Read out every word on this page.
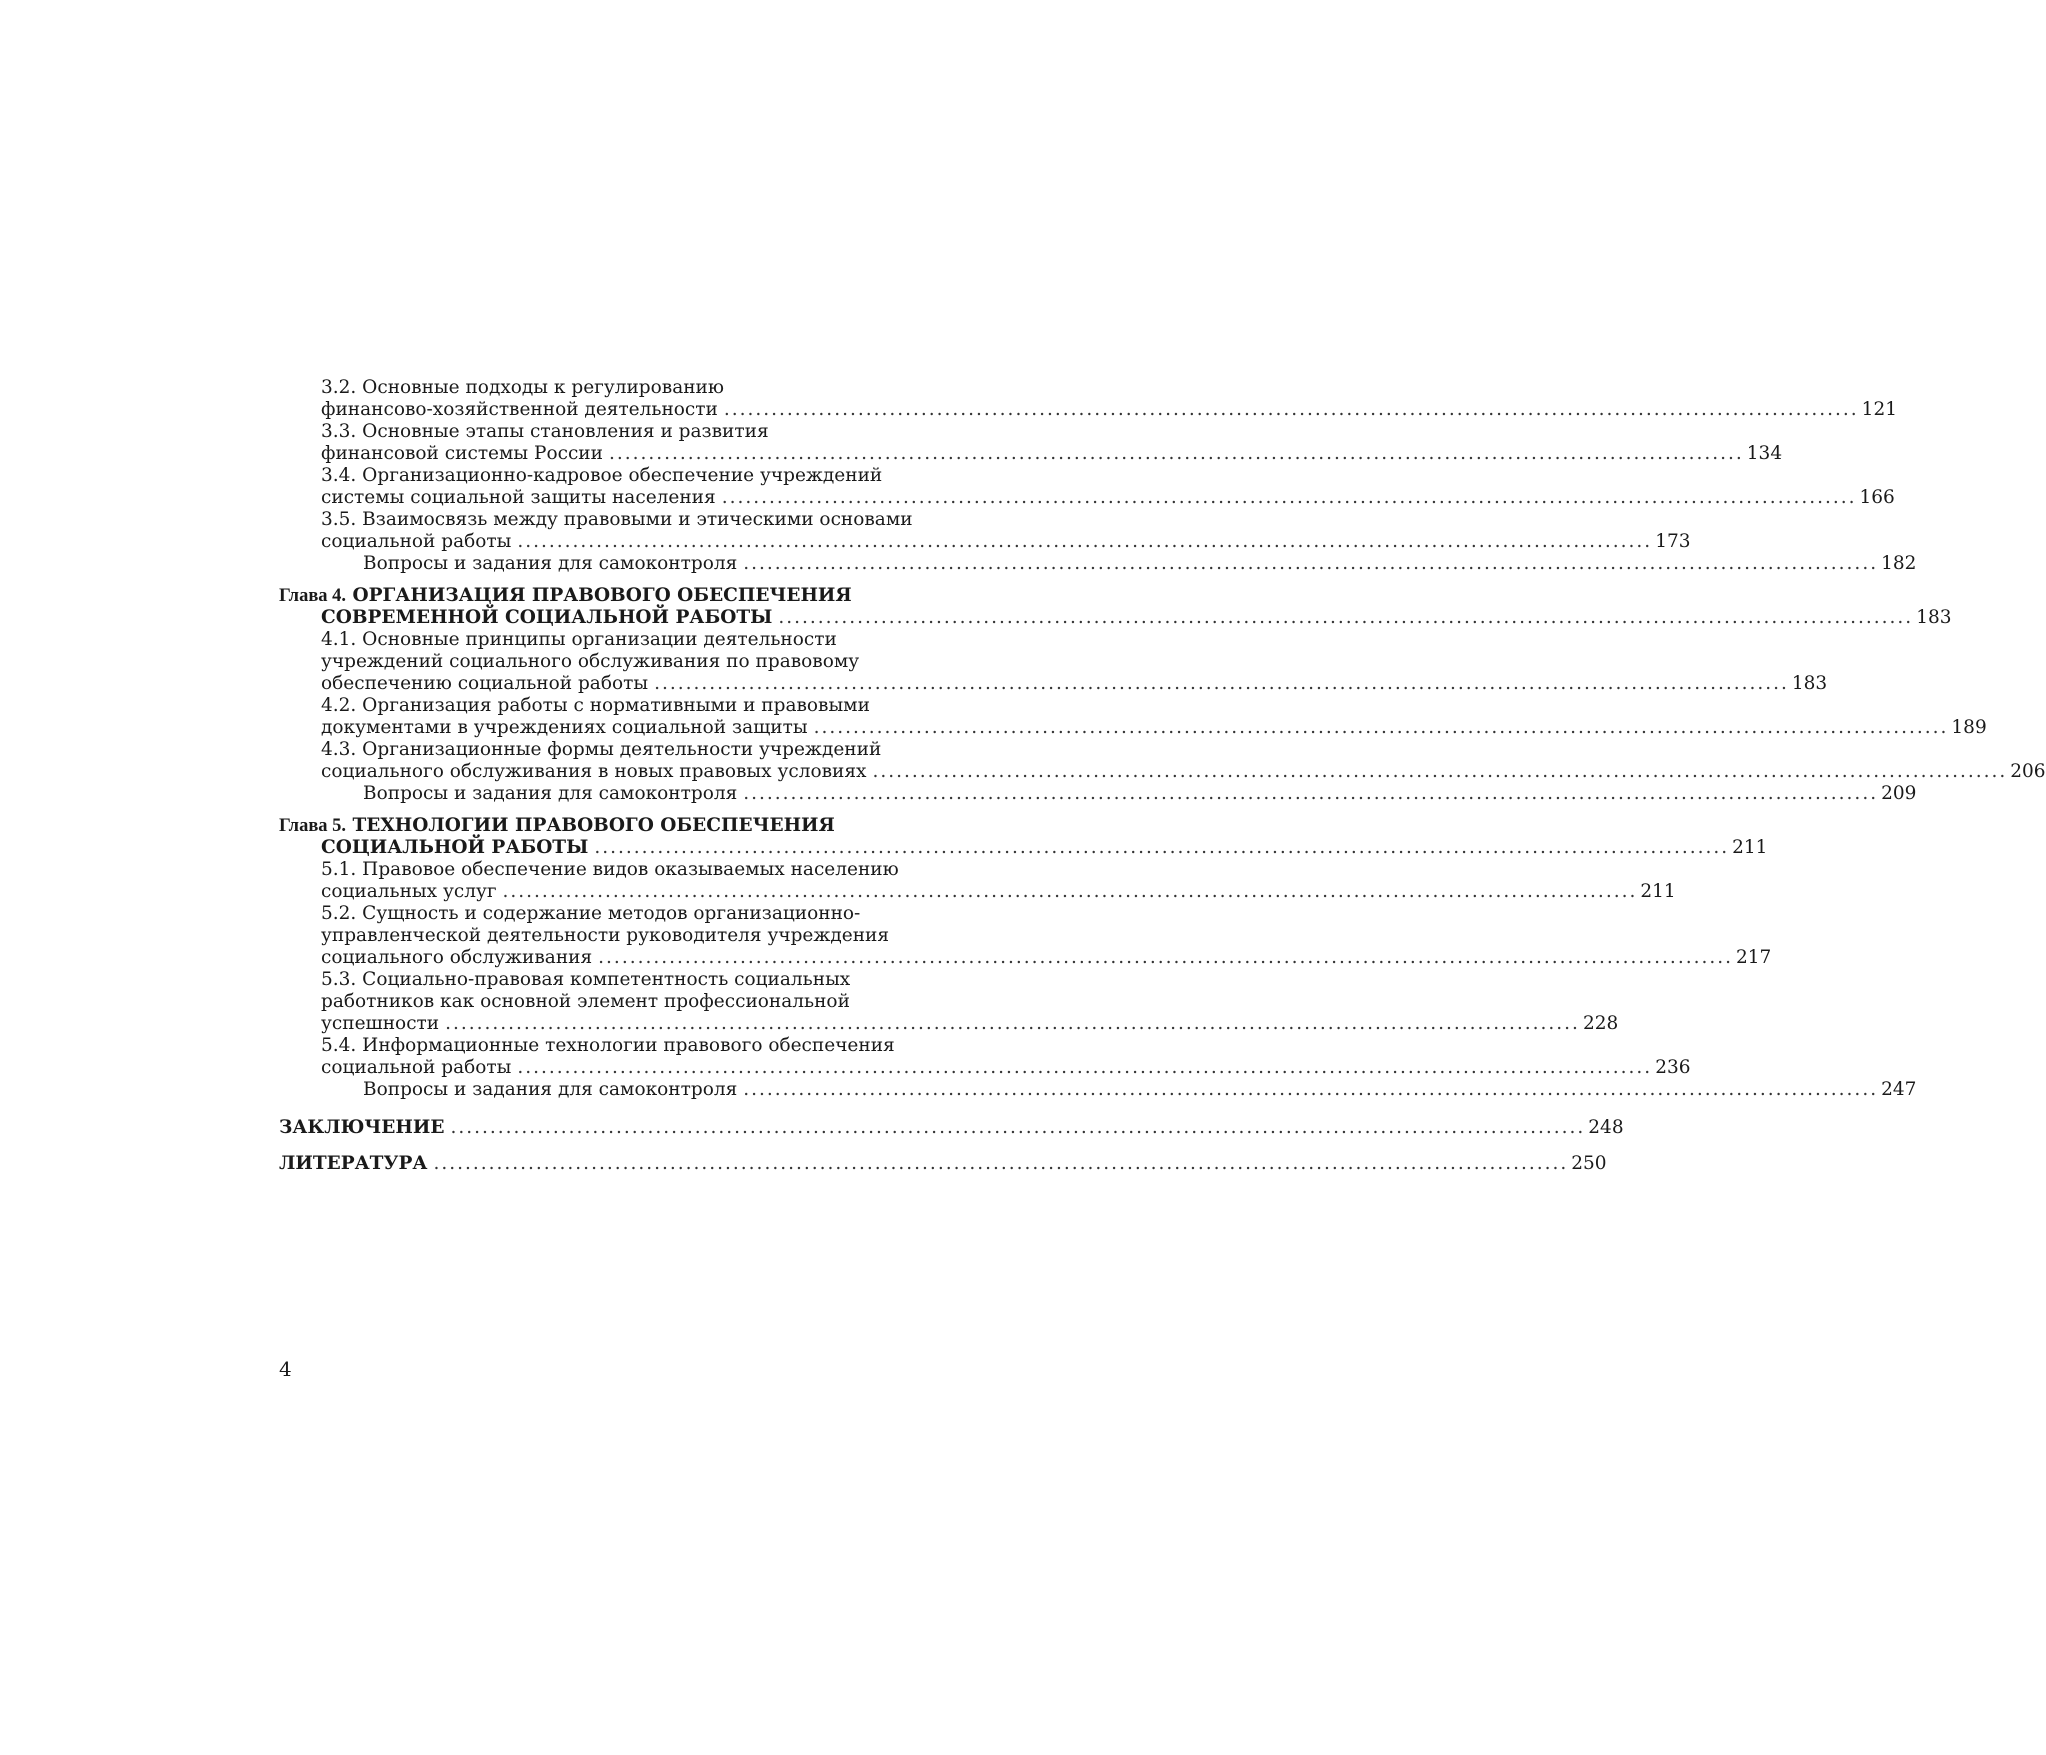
3.2. Основные подходы к регулированию
финансово-хозяйственной деятельности .....	121
3.3. Основные этапы становления и развития
финансовой системы России .....	134
3.4. Организационно-кадровое обеспечение учреждений
системы социальной защиты населения .....	166
3.5. Взаимосвязь между правовыми и этическими основами
социальной работы .....	173
Вопросы и задания для самоконтроля .....	182
Глава 4. ОРГАНИЗАЦИЯ ПРАВОВОГО ОБЕСПЕЧЕНИЯ
СОВРЕМЕННОЙ СОЦИАЛЬНОЙ РАБОТЫ .....	183
4.1. Основные принципы организации деятельности
учреждений социального обслуживания по правовому
обеспечению социальной работы .....	183
4.2. Организация работы с нормативными и правовыми
документами в учреждениях социальной защиты .....	189
4.3. Организационные формы деятельности учреждений
социального обслуживания в новых правовых условиях .....	206
Вопросы и задания для самоконтроля .....	209
Глава 5. ТЕХНОЛОГИИ ПРАВОВОГО ОБЕСПЕЧЕНИЯ
СОЦИАЛЬНОЙ РАБОТЫ .....	211
5.1. Правовое обеспечение видов оказываемых населению
социальных услуг .....	211
5.2. Сущность и содержание методов организационно-
управленческой деятельности руководителя учреждения
социального обслуживания .....	217
5.3. Социально-правовая компетентность социальных
работников как основной элемент профессиональной
успешности .....	228
5.4. Информационные технологии правового обеспечения
социальной работы .....	236
Вопросы и задания для самоконтроля .....	247
ЗАКЛЮЧЕНИЕ .....	248
ЛИТЕРАТУРА .....	250
4
